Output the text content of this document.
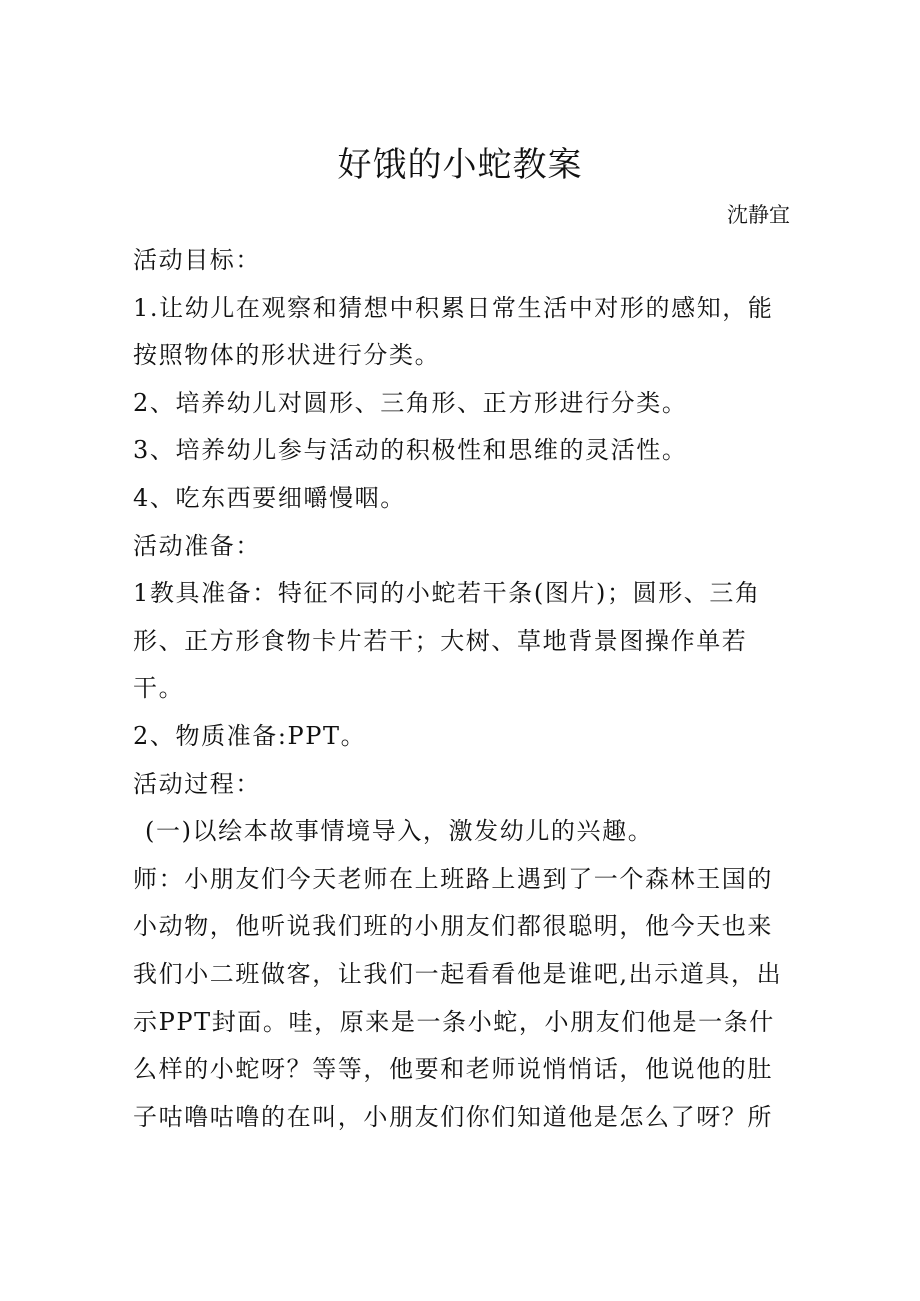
好饿的小蛇教案
沈静宜

活动目标：

1.让幼儿在观察和猜想中积累日常生活中对形的感知，能按照物体的形状进行分类。

2、培养幼儿对圆形、三角形、正方形进行分类。

3、培养幼儿参与活动的积极性和思维的灵活性。

4、吃东西要细嚼慢咽。

活动准备：

1教具准备：特征不同的小蛇若干条(图片)；圆形、三角形、正方形食物卡片若干；大树、草地背景图操作单若干。

2、物质准备:PPT。

活动过程：

(一)以绘本故事情境导入，激发幼儿的兴趣。

师：小朋友们今天老师在上班路上遇到了一个森林王国的小动物，他听说我们班的小朋友们都很聪明，他今天也来我们小二班做客，让我们一起看看他是谁吧,出示道具，出示PPT封面。哇，原来是一条小蛇，小朋友们他是一条什么样的小蛇呀？等等，他要和老师说悄悄话，他说他的肚子咕噜咕噜的在叫，小朋友们你们知道他是怎么了呀？所
